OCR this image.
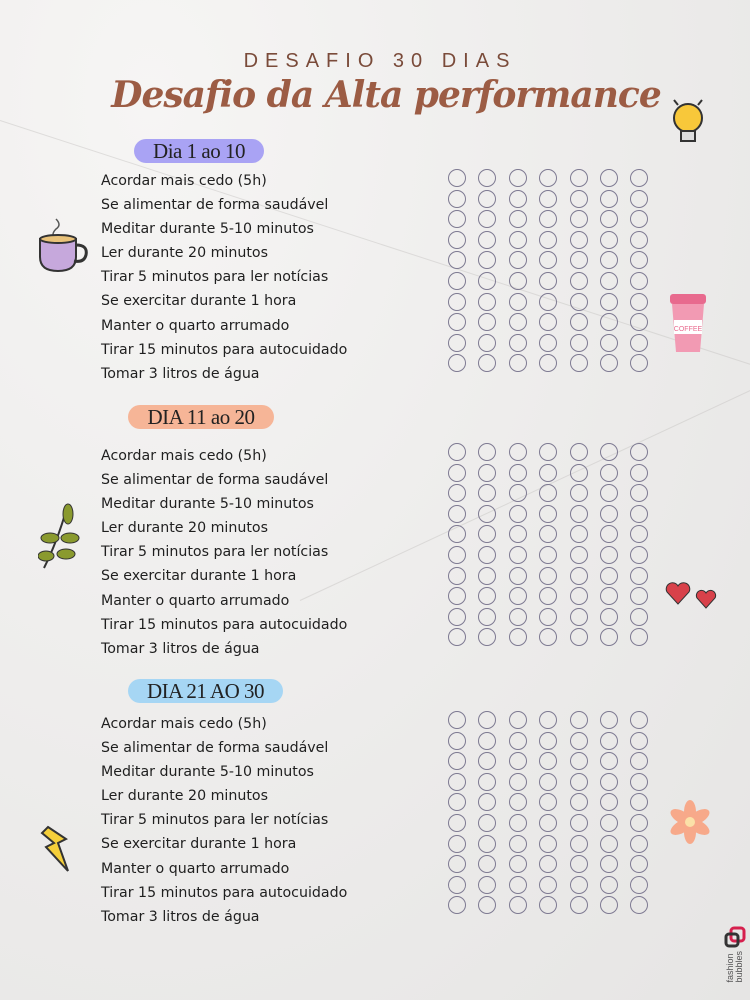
DESAFIO 30 DIAS
Desafio da Alta performance
Dia 1 ao 10
Acordar mais cedo (5h)
Se alimentar de forma saudável
Meditar durante 5-10 minutos
Ler durante 20 minutos
Tirar 5 minutos para ler notícias
Se exercitar durante 1 hora
Manter o quarto arrumado
Tirar 15 minutos para autocuidado
Tomar 3 litros de água
DIA 11 ao 20
Acordar mais cedo (5h)
Se alimentar de forma saudável
Meditar durante 5-10 minutos
Ler durante 20 minutos
Tirar 5 minutos para ler notícias
Se exercitar durante 1 hora
Manter o quarto arrumado
Tirar 15 minutos para autocuidado
Tomar 3 litros de água
DIA 21 AO 30
Acordar mais cedo (5h)
Se alimentar de forma saudável
Meditar durante 5-10 minutos
Ler durante 20 minutos
Tirar 5 minutos para ler notícias
Se exercitar durante 1 hora
Manter o quarto arrumado
Tirar 15 minutos para autocuidado
Tomar 3 litros de água
COFFEE
fashion
bubbles
